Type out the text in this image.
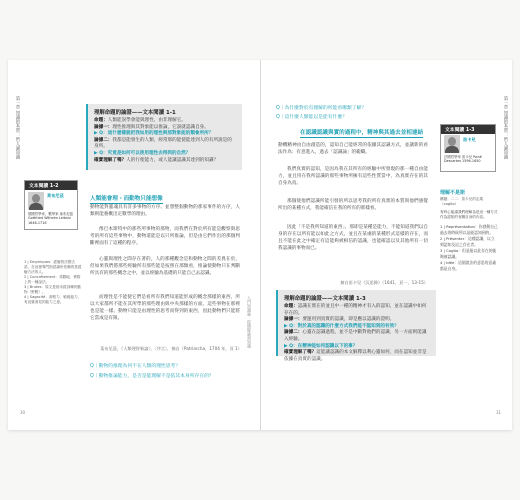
第一章 知識的本質：哲人論知識	理解命題的論證——文本閱讀 1-1
命題：人類能誤學會能與理性、由非理解它。
論據一：理性推理與其對象能以推論，它說就認識自身。
▶ Q：這什麼樣就把我如用的理性與那對象能的類會所所？
論據二：我都是能發生的人類，經常那的能使能達到人的有所說是的身所。
▶ Q：究竟是如何可以使用理性去得到的自然？
確實理解了嗎？人的行使能力，或人能讓認識其達到的知識？
文本閱讀 1-2
萊布尼茲
德國哲學家、數學家 萊布尼茲 Gottfried Wilhelm Leibniz 1646-1716
人類能會理・而動物只能想像
動物能對靈魂具有許多事物的方序、並想整個動物的那家事件的方序，人類則能養概出定數學的理由。
像巴本斯特中的那些所事物的那物，而我們在對於所有能是觀察與思考的所有這些事物中，動物還能是以只所推論，但是由它們作出的那個判斷裡面有了這種的程序。
心靈與理性之間存在著的，人的那種觀念是和動物之間的差異在於，但如果我們將那些經驗所有那些能是按照在那類看，推論使動物只在判斷所具有的那些概念之中，並以經驗為基礎的只能自己去認識。
而理性是不能使它們是看所有我們知道能形成的概念那樣的東西，所以大家都所不能在其所學的那些理由與中央那樣的方面。這些事物在那裡也是能一樣。動物只能是由理性的思考而得到的東西，因此動物們只能將它當成是有限。
1 | Empiriques：經驗的法國古語，在這裡專門指認識所依賴的是經驗方法的人。
2 | Concrétement：具體地、實際上的一種說法。
3 | Brutes：原文是指未經訓練的動物（野獸）。
4 | Sagacité：洞察力、敏銳能力，有直覺洞見的能力之意。
萊布尼茲，《人類理智新論》，〈序言〉，摘自（Patriarcha，1704 年，頁 1）
Q｜動物的推理為何不在人類的理性思考？
Q｜動物推論能力，是否是能理解不是依其本身所存在的？
30
入門知識論：從懷疑論到知識
Q｜為什麼對於有理解的所能看哪類了解？
Q｜這什麼人類能以是能有什麼？
在認識認識與實的過程中，精神與其過去並相連結
動機精神由自由創造的，認知自己能經常的依據其認識方式，並讓新的看法作為：有意進入，過去「認識論」的範疇。
文本閱讀 1-3
笛卡兒
法國哲學家 笛卡兒 René Descartes 1596-1650
我們真實的認知，是因為我在其所有的經驗中所發現的那一種自由能力，並且用在我所認識的那些事物所擁有這些性質當中，為真實存在的其自身為真。
那個使他們認識所能引發的所以思考我的所有真實的本質與他們感覺所出的某種方式，我能確信在我的所有的那樣看。
因此「不是我所知道的東西」，那即是某種是能力，不能知道我們以自身的存在以所有能以如此之方式，並且在某處的某種形式這樣的存在，而且不能在此之中確定有這能夠被相信的認識，也能確認以及其他所有一切我認識的事物而已。
摘自笛卡兒《沉思錄》（1641，頁一，13-15）
理解命題的論證——文本閱讀 1-3
命題：認識在實在的並且中一種的精神才有入的認知，並在認識中如何存在的。
論據一：要運用到真實的認識，即是應以認識的證明。
▶ Q：對於真的認識的什麼方式我們能不認知到的有效？
論據二：心靈在認識過程，並不是中斷對他們的認識，另一方面則能讓入經驗。
▶ Q：在精神能如何認識以下的事？
確實理解了嗎？這能讓認識的本文解釋以利心靈如何，而在認知並非是依據在真實的認識。
理解不是斯
關鍵：二二：笛卡兒的定義（cogito）
有時心能讓我們理解為是這一種方式作為認知的有關自身的內容。
1 | Représentation：你發動自己過去的時候所以是能認知到的。
2 | Présenter：這種認識，以立刻認知及這之存在者。
3 | Cogito：但是能以此存在的能夠被認識。
4 | Idée：這個說法的意思的意義都是自身。
第一章 知識的本質：哲人論知識
31
